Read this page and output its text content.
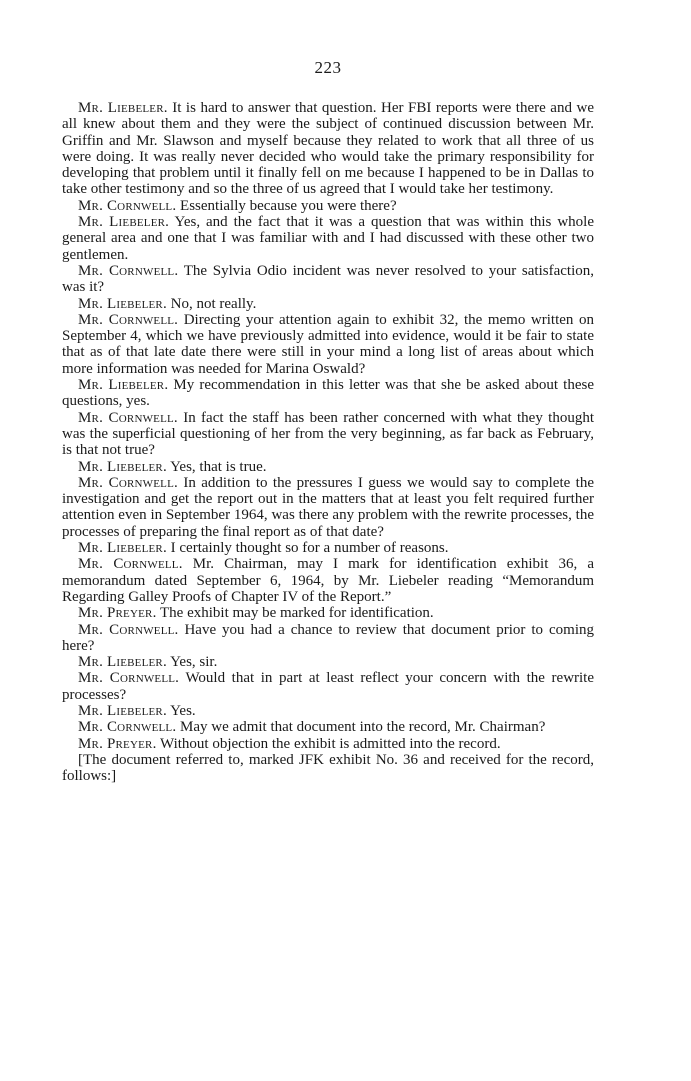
223

Mr. Liebeler. It is hard to answer that question. Her FBI reports were there and we all knew about them and they were the subject of continued discussion between Mr. Griffin and Mr. Slawson and myself because they related to work that all three of us were doing. It was really never decided who would take the primary responsibility for developing that problem until it finally fell on me because I happened to be in Dallas to take other testimony and so the three of us agreed that I would take her testimony.

Mr. Cornwell. Essentially because you were there?

Mr. Liebeler. Yes, and the fact that it was a question that was within this whole general area and one that I was familiar with and I had discussed with these other two gentlemen.

Mr. Cornwell. The Sylvia Odio incident was never resolved to your satisfaction, was it?

Mr. Liebeler. No, not really.

Mr. Cornwell. Directing your attention again to exhibit 32, the memo written on September 4, which we have previously admitted into evidence, would it be fair to state that as of that late date there were still in your mind a long list of areas about which more information was needed for Marina Oswald?

Mr. Liebeler. My recommendation in this letter was that she be asked about these questions, yes.

Mr. Cornwell. In fact the staff has been rather concerned with what they thought was the superficial questioning of her from the very beginning, as far back as February, is that not true?

Mr. Liebeler. Yes, that is true.

Mr. Cornwell. In addition to the pressures I guess we would say to complete the investigation and get the report out in the matters that at least you felt required further attention even in September 1964, was there any problem with the rewrite processes, the processes of preparing the final report as of that date?

Mr. Liebeler. I certainly thought so for a number of reasons.

Mr. Cornwell. Mr. Chairman, may I mark for identification exhibit 36, a memorandum dated September 6, 1964, by Mr. Liebeler reading “Memorandum Regarding Galley Proofs of Chapter IV of the Report.”

Mr. Preyer. The exhibit may be marked for identification.

Mr. Cornwell. Have you had a chance to review that document prior to coming here?

Mr. Liebeler. Yes, sir.

Mr. Cornwell. Would that in part at least reflect your concern with the rewrite processes?

Mr. Liebeler. Yes.

Mr. Cornwell. May we admit that document into the record, Mr. Chairman?

Mr. Preyer. Without objection the exhibit is admitted into the record.

[The document referred to, marked JFK exhibit No. 36 and received for the record, follows:]
